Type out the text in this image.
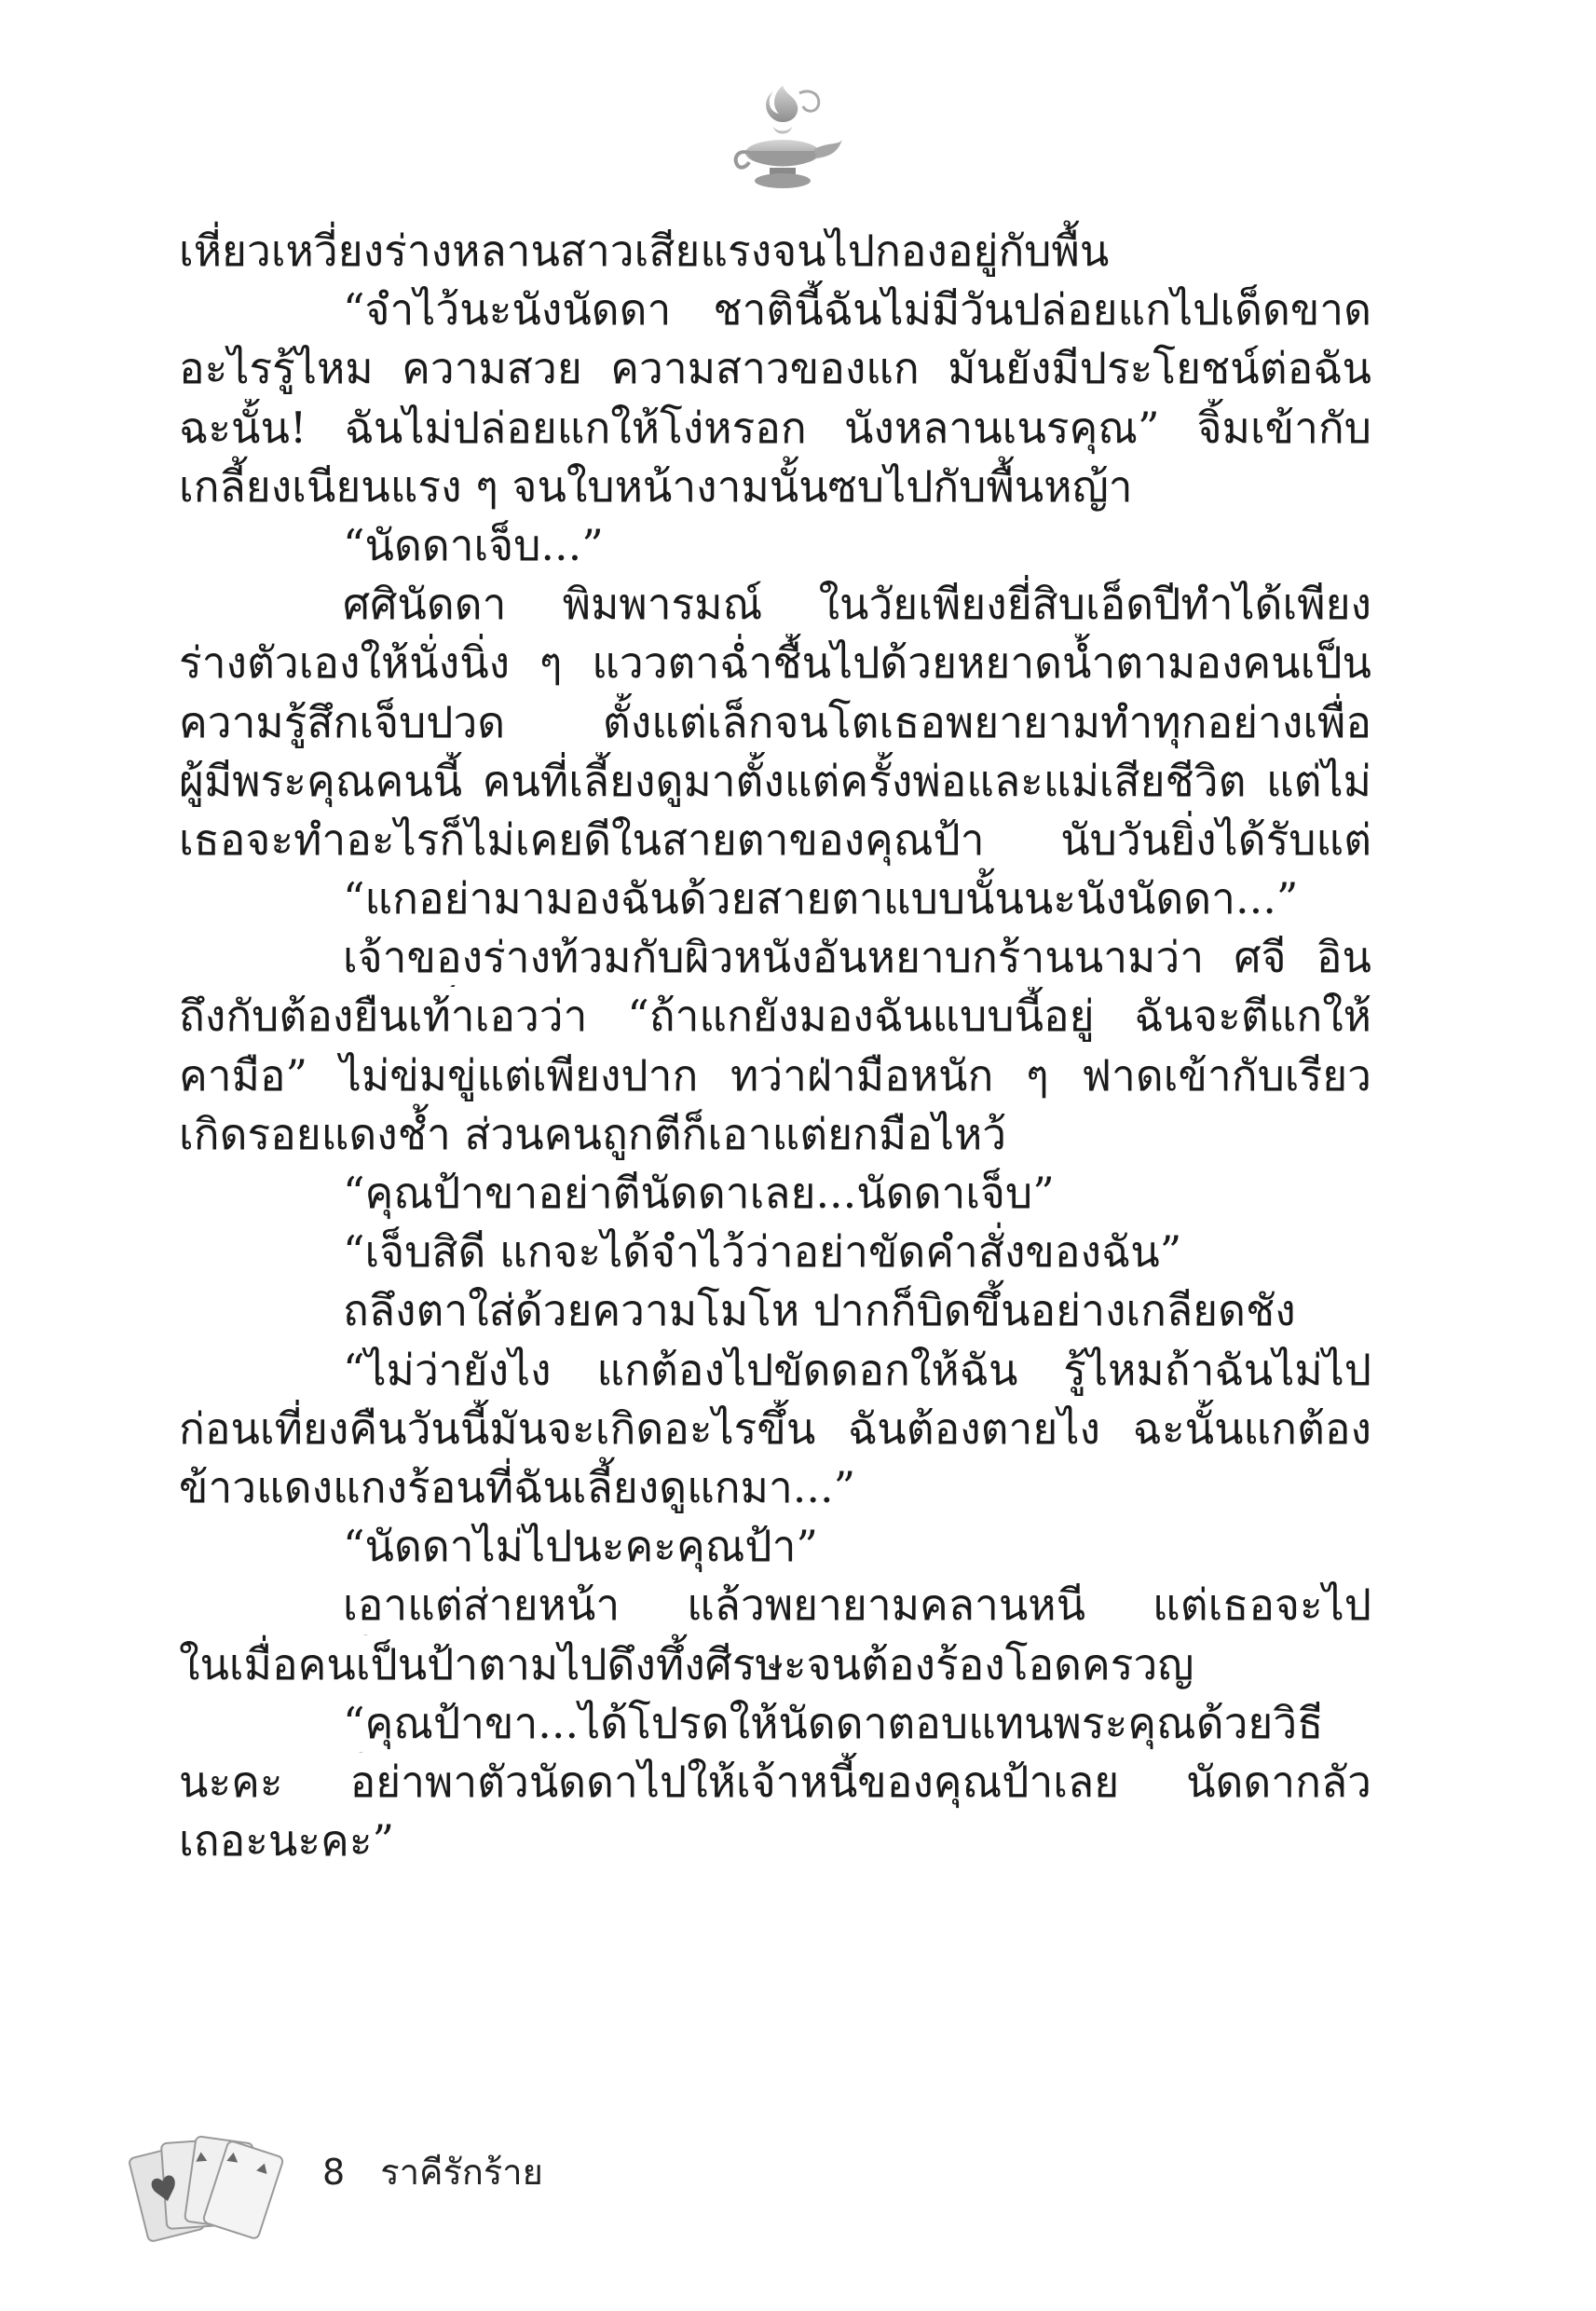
เหี่ยวเหวี่ยงร่างหลานสาวเสียแรงจนไปกองอยู่กับพื้น
“จำไว้นะนังนัดดา ชาตินี้ฉันไม่มีวันปล่อยแกไปเด็ดขาด
อะไรรู้ไหม ความสวย ความสาวของแก มันยังมีประโยชน์ต่อฉัน
ฉะนั้น! ฉันไม่ปล่อยแกให้โง่หรอก นังหลานเนรคุณ” จิ้มเข้ากับ
เกลี้ยงเนียนแรง ๆ จนใบหน้างามนั้นซบไปกับพื้นหญ้า
“นัดดาเจ็บ...”
ศศินัดดา พิมพารมณ์ ในวัยเพียงยี่สิบเอ็ดปีทำได้เพียง
ร่างตัวเองให้นั่งนิ่ง ๆ แววตาฉ่ำชื้นไปด้วยหยาดน้ำตามองคนเป็น
ความรู้สึกเจ็บปวด ตั้งแต่เล็กจนโตเธอพยายามทำทุกอย่างเพื่อ
ผู้มีพระคุณคนนี้ คนที่เลี้ยงดูมาตั้งแต่ครั้งพ่อและแม่เสียชีวิต แต่ไม่
เธอจะทำอะไรก็ไม่เคยดีในสายตาของคุณป้า นับวันยิ่งได้รับแต่
“แกอย่ามามองฉันด้วยสายตาแบบนั้นนะนังนัดดา...”
เจ้าของร่างท้วมกับผิวหนังอันหยาบกร้านนามว่า ศจี อิน
ถึงกับต้องยืนเท้าเอวว่า “ถ้าแกยังมองฉันแบบนี้อยู่ ฉันจะตีแกให้
คามือ” ไม่ข่มขู่แต่เพียงปาก ทว่าฝ่ามือหนัก ๆ ฟาดเข้ากับเรียว
เกิดรอยแดงช้ำ ส่วนคนถูกตีก็เอาแต่ยกมือไหว้
“คุณป้าขาอย่าตีนัดดาเลย...นัดดาเจ็บ”
“เจ็บสิดี แกจะได้จำไว้ว่าอย่าขัดคำสั่งของฉัน”
ถลึงตาใส่ด้วยความโมโห ปากก็บิดขึ้นอย่างเกลียดชัง
“ไม่ว่ายังไง แกต้องไปขัดดอกให้ฉัน รู้ไหมถ้าฉันไม่ไป
ก่อนเที่ยงคืนวันนี้มันจะเกิดอะไรขึ้น ฉันต้องตายไง ฉะนั้นแกต้อง
ข้าวแดงแกงร้อนที่ฉันเลี้ยงดูแกมา...”
“นัดดาไม่ไปนะคะคุณป้า”
เอาแต่ส่ายหน้า แล้วพยายามคลานหนี แต่เธอจะไป
ในเมื่อคนเป็นป้าตามไปดึงทึ้งศีรษะจนต้องร้องโอดครวญ
“คุณป้าขา...ได้โปรดให้นัดดาตอบแทนพระคุณด้วยวิธี
นะคะ อย่าพาตัวนัดดาไปให้เจ้าหนี้ของคุณป้าเลย นัดดากลัว
เถอะนะคะ”
8 ราคีรักร้าย
